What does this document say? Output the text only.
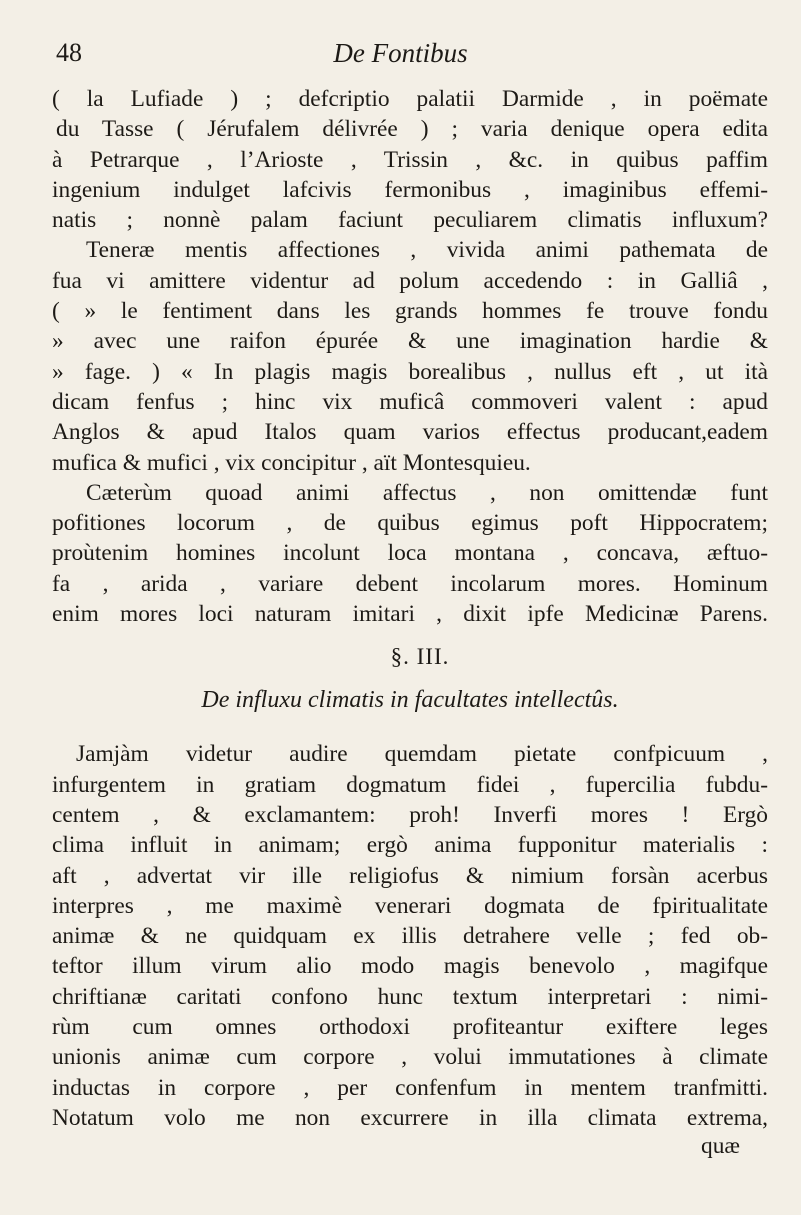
48	De Fontibus
( la Lufiade ) ; defcriptio palatii Darmide , in poëmate
du Tasse ( Jérufalem délivrée ) ; varia denique opera edita
à Petrarque , l’Arioste , Trissin , &c. in quibus paffim
ingenium indulget lafcivis fermonibus , imaginibus effemi-
natis ; nonnè palam faciunt peculiarem climatis influxum?
Teneræ mentis affectiones , vivida animi pathemata de
fua vi amittere videntur ad polum accedendo : in Galliâ ,
( » le fentiment dans les grands hommes fe trouve fondu
» avec une raifon épurée & une imagination hardie &
» fage. ) « In plagis magis borealibus , nullus eft , ut ità
dicam fenfus ; hinc vix muficâ commoveri valent : apud
Anglos & apud Italos quam varios effectus producant,eadem
mufica & mufici , vix concipitur , aït Montesquieu.
Cæterùm quoad animi affectus , non omittendæ funt
pofitiones locorum , de quibus egimus poft Hippocratem;
proùtenim homines incolunt loca montana , concava, æftuo-
fa , arida , variare debent incolarum mores. Hominum
enim mores loci naturam imitari , dixit ipfe Medicinæ Parens.
§. III.
De influxu climatis in facultates intellectûs.
Jamjàm videtur audire quemdam pietate confpicuum ,
infurgentem in gratiam dogmatum fidei , fupercilia fubdu-
centem , & exclamantem: proh! Inverfi mores ! Ergò
clima influit in animam; ergò anima fupponitur materialis :
aft , advertat vir ille religiofus & nimium forsàn acerbus
interpres , me maximè venerari dogmata de fpiritualitate
animæ & ne quidquam ex illis detrahere velle ; fed ob-
teftor illum virum alio modo magis benevolo , magifque
chriftianæ caritati confono hunc textum interpretari : nimi-
rùm cum omnes orthodoxi profiteantur exiftere leges
unionis animæ cum corpore , volui immutationes à climate
inductas in corpore , per confenfum in mentem tranfmitti.
Notatum volo me non excurrere in illa climata extrema,
quæ
